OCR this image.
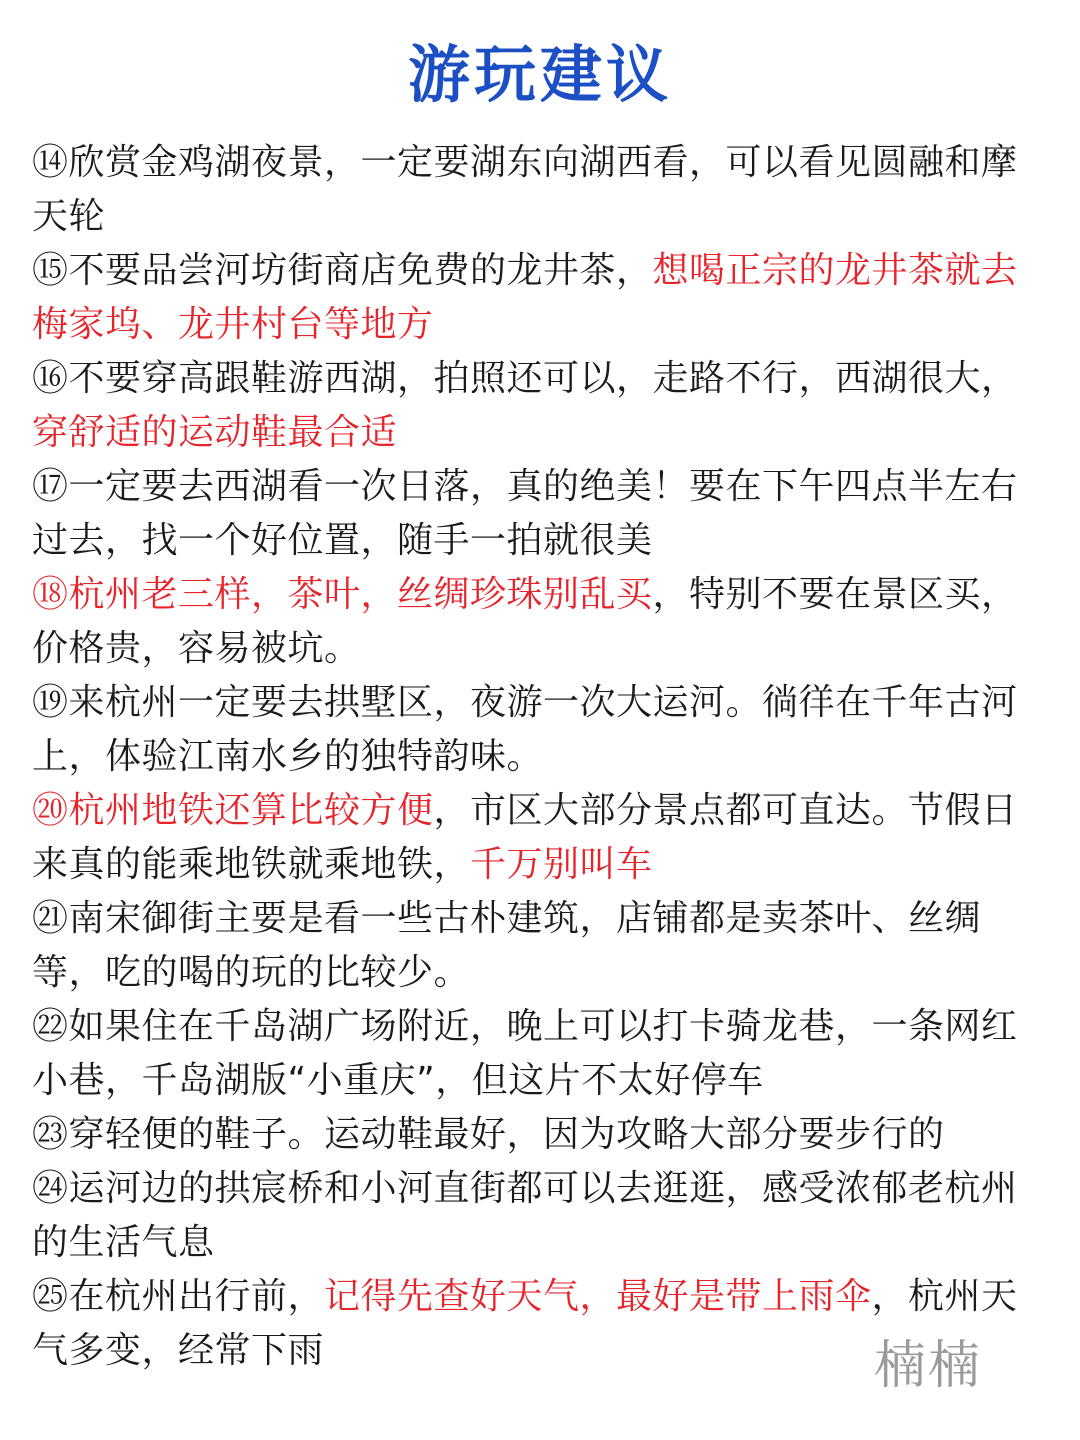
游玩建议
⑭欣赏金鸡湖夜景，一定要湖东向湖西看，可以看见圆融和摩天轮
⑮不要品尝河坊街商店免费的龙井茶，想喝正宗的龙井茶就去梅家坞、龙井村台等地方
⑯不要穿高跟鞋游西湖，拍照还可以，走路不行，西湖很大，穿舒适的运动鞋最合适
⑰一定要去西湖看一次日落，真的绝美！要在下午四点半左右过去，找一个好位置，随手一拍就很美
⑱杭州老三样，茶叶，丝绸珍珠别乱买，特别不要在景区买，价格贵，容易被坑。
⑲来杭州一定要去拱墅区，夜游一次大运河。徜徉在千年古河上，体验江南水乡的独特韵味。
⑳杭州地铁还算比较方便，市区大部分景点都可直达。节假日来真的能乘地铁就乘地铁，千万别叫车
㉑南宋御街主要是看一些古朴建筑，店铺都是卖茶叶、丝绸等，吃的喝的玩的比较少。
㉒如果住在千岛湖广场附近，晚上可以打卡骑龙巷，一条网红小巷，千岛湖版“小重庆”，但这片不太好停车
㉓穿轻便的鞋子。运动鞋最好，因为攻略大部分要步行的
㉔运河边的拱宸桥和小河直街都可以去逛逛，感受浓郁老杭州的生活气息
㉕在杭州出行前，记得先查好天气，最好是带上雨伞，杭州天气多变，经常下雨	楠楠
